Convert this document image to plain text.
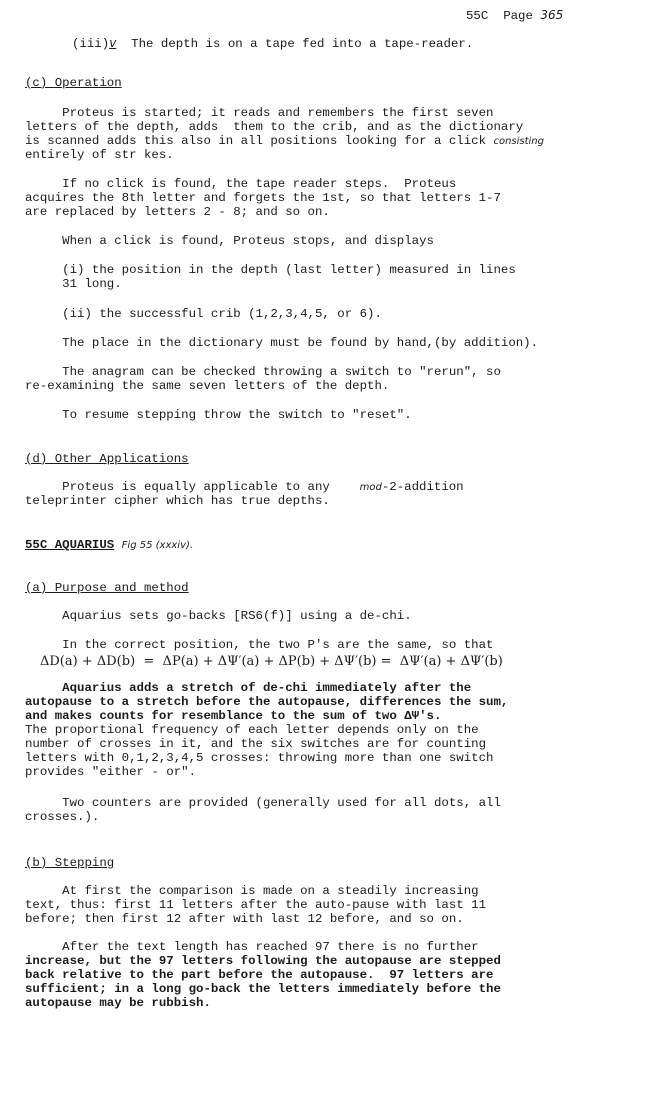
55C Page 365
(iii)v The depth is on a tape fed into a tape-reader.
(c) Operation
Proteus is started; it reads and remembers the first seven
letters of the depth, adds  them to the crib, and as the dictionary
is scanned adds this also in all positions looking for a click consisting
entirely of str kes.
If no click is found, the tape reader steps.  Proteus
acquires the 8th letter and forgets the 1st, so that letters 1-7
are replaced by letters 2 - 8; and so on.
When a click is found, Proteus stops, and displays
(i) the position in the depth (last letter) measured in lines
31 long.
(ii) the successful crib (1,2,3,4,5, or 6).
The place in the dictionary must be found by hand,(by addition).
The anagram can be checked throwing a switch to "rerun", so
re-examining the same seven letters of the depth.
To resume stepping throw the switch to "reset".
(d) Other Applications
Proteus is equally applicable to any	mod-2-addition
teleprinter cipher which has true depths.
55C AQUARIUS Fig 55 (xxxiv).
(a) Purpose and method
Aquarius sets go-backs [RS6(f)] using a de-chi.
In the correct position, the two P's are the same, so that
ΔD(a) + ΔD(b)  =  ΔP(a) + ΔΨ′(a) + ΔP(b) + ΔΨ′(b) =  ΔΨ′(a) + ΔΨ′(b)
Aquarius adds a stretch of de-chi immediately after the
autopause to a stretch before the autopause, differences the sum,
and makes counts for resemblance to the sum of two ΔΨ's.
The proportional frequency of each letter depends only on the
number of crosses in it, and the six switches are for counting
letters with 0,1,2,3,4,5 crosses: throwing more than one switch
provides "either - or".
Two counters are provided (generally used for all dots, all
crosses.).
(b) Stepping
At first the comparison is made on a steadily increasing
text, thus: first 11 letters after the auto-pause with last 11
before; then first 12 after with last 12 before, and so on.
After the text length has reached 97 there is no further
increase, but the 97 letters following the autopause are stepped
back relative to the part before the autopause.  97 letters are
sufficient; in a long go-back the letters immediately before the
autopause may be rubbish.
